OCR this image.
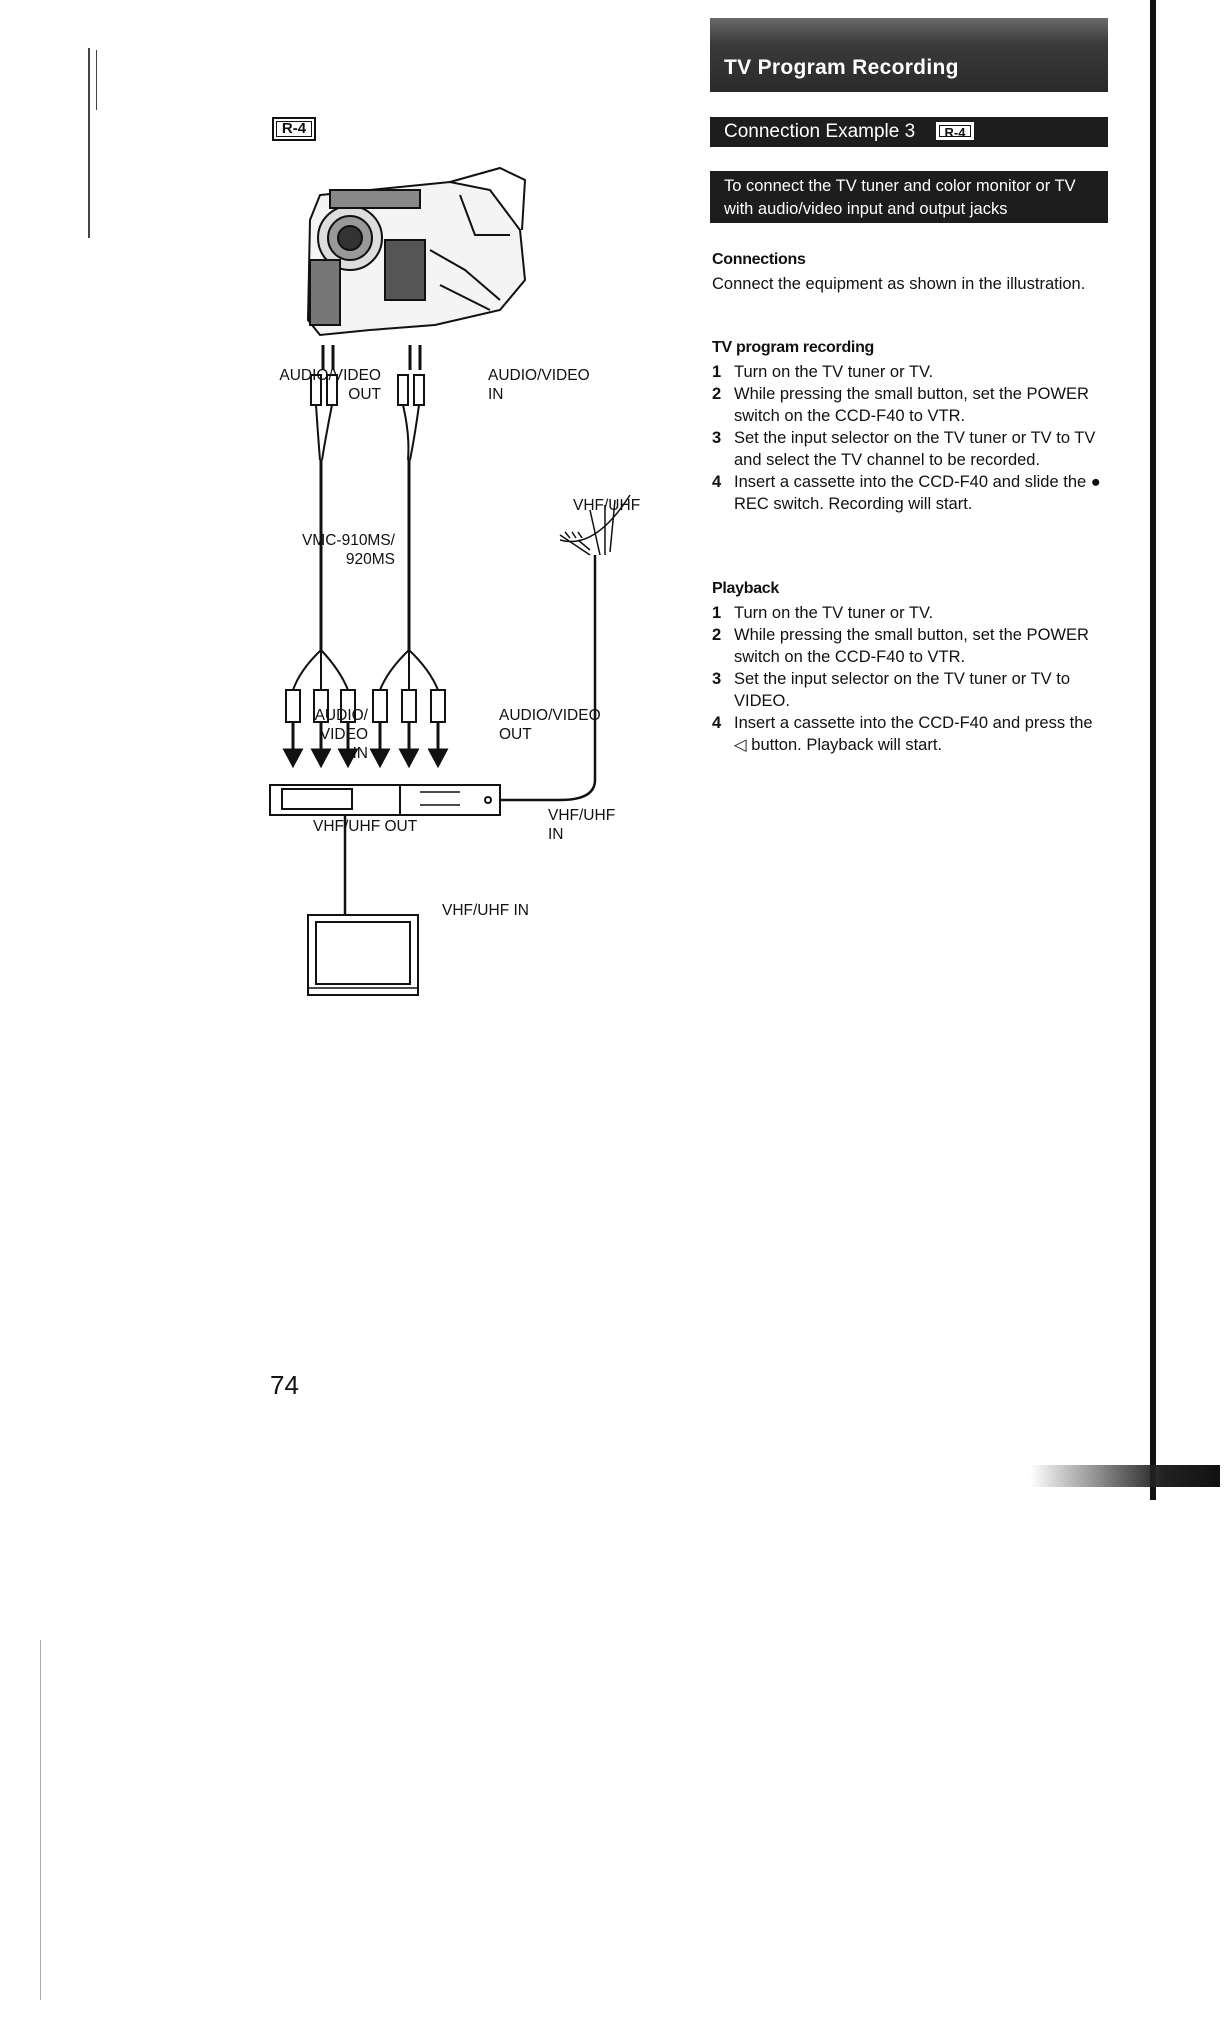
R-4
AUDIO/VIDEO
OUT
AUDIO/VIDEO
IN
VMC-910MS/
920MS
VHF/UHF
AUDIO/
VIDEO
IN
AUDIO/VIDEO
OUT
VHF/UHF OUT
VHF/UHF
IN
VHF/UHF IN
74
TV Program Recording
Connection Example 3	R-4
To connect the TV tuner and color monitor or TV with audio/video input and output jacks
Connections
Connect the equipment as shown in the illustration.
TV program recording
1 Turn on the TV tuner or TV.
2 While pressing the small button, set the POWER switch on the CCD-F40 to VTR.
3 Set the input selector on the TV tuner or TV to TV and select the TV channel to be recorded.
4 Insert a cassette into the CCD-F40 and slide the ● REC switch. Recording will start.
Playback
1 Turn on the TV tuner or TV.
2 While pressing the small button, set the POWER switch on the CCD-F40 to VTR.
3 Set the input selector on the TV tuner or TV to VIDEO.
4 Insert a cassette into the CCD-F40 and press the ◁ button. Playback will start.
